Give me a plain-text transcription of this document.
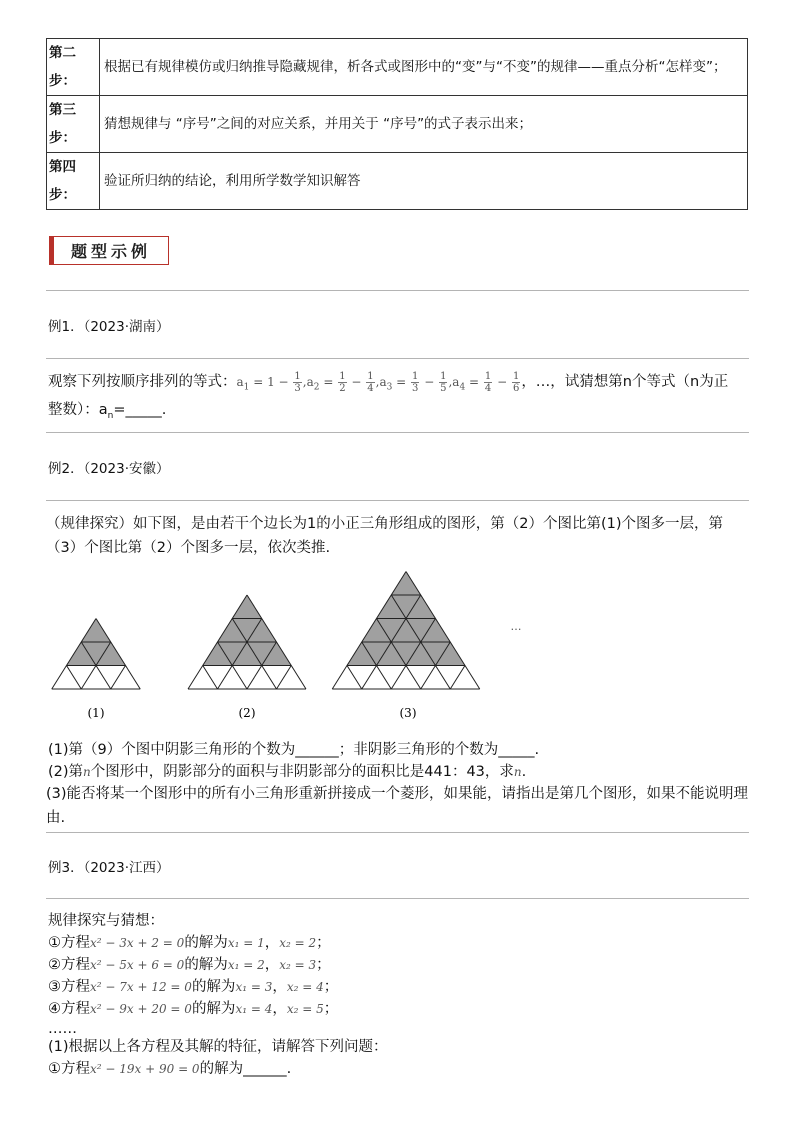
第二步：	根据已有规律模仿或归纳推导隐藏规律，析各式或图形中的“变”与“不变”的规律——重点分析“怎样变”；
第三步：	猜想规律与 “序号”之间的对应关系，并用关于 “序号”的式子表示出来；
第四步：	验证所归纳的结论，利用所学数学知识解答
题型示例
例1．（2023·湖南）
观察下列按顺序排列的等式：$a_1 = 1 - \frac{1}{3} ,a_2 = \frac{1}{2} - \frac{1}{4} ,a_3 = \frac{1}{3} - \frac{1}{5} ,a_4 = \frac{1}{4} - \frac{1}{6}$ ，…，试猜想第n个等式（n为正
整数）：$a_n=\_\_\_\_\_$.
例2．（2023·安徽）
（规律探究）如下图，是由若干个边长为1的小正三角形组成的图形，第（2）个图比第(1)个图多一层，第（3）个图比第（2）个图多一层，依次类推.
(1)	(2)	(3)
…
(1)第（9）个图中阴影三角形的个数为______；非阴影三角形的个数为_____.
(2)第n个图形中，阴影部分的面积与非阴影部分的面积比是441：43，求n.
(3)能否将某一个图形中的所有小三角形重新拼接成一个菱形，如果能，请指出是第几个图形，如果不能说明理由.
例3．（2023·江西）
规律探究与猜想：
①方程x² − 3x + 2 = 0的解为x₁ = 1，x₂ = 2；
②方程x² − 5x + 6 = 0的解为x₁ = 2，x₂ = 3；
③方程x² − 7x + 12 = 0的解为x₁ = 3，x₂ = 4；
④方程x² − 9x + 20 = 0的解为x₁ = 4，x₂ = 5；
……
(1)根据以上各方程及其解的特征，请解答下列问题：
①方程x² − 19x + 90 = 0的解为______.
